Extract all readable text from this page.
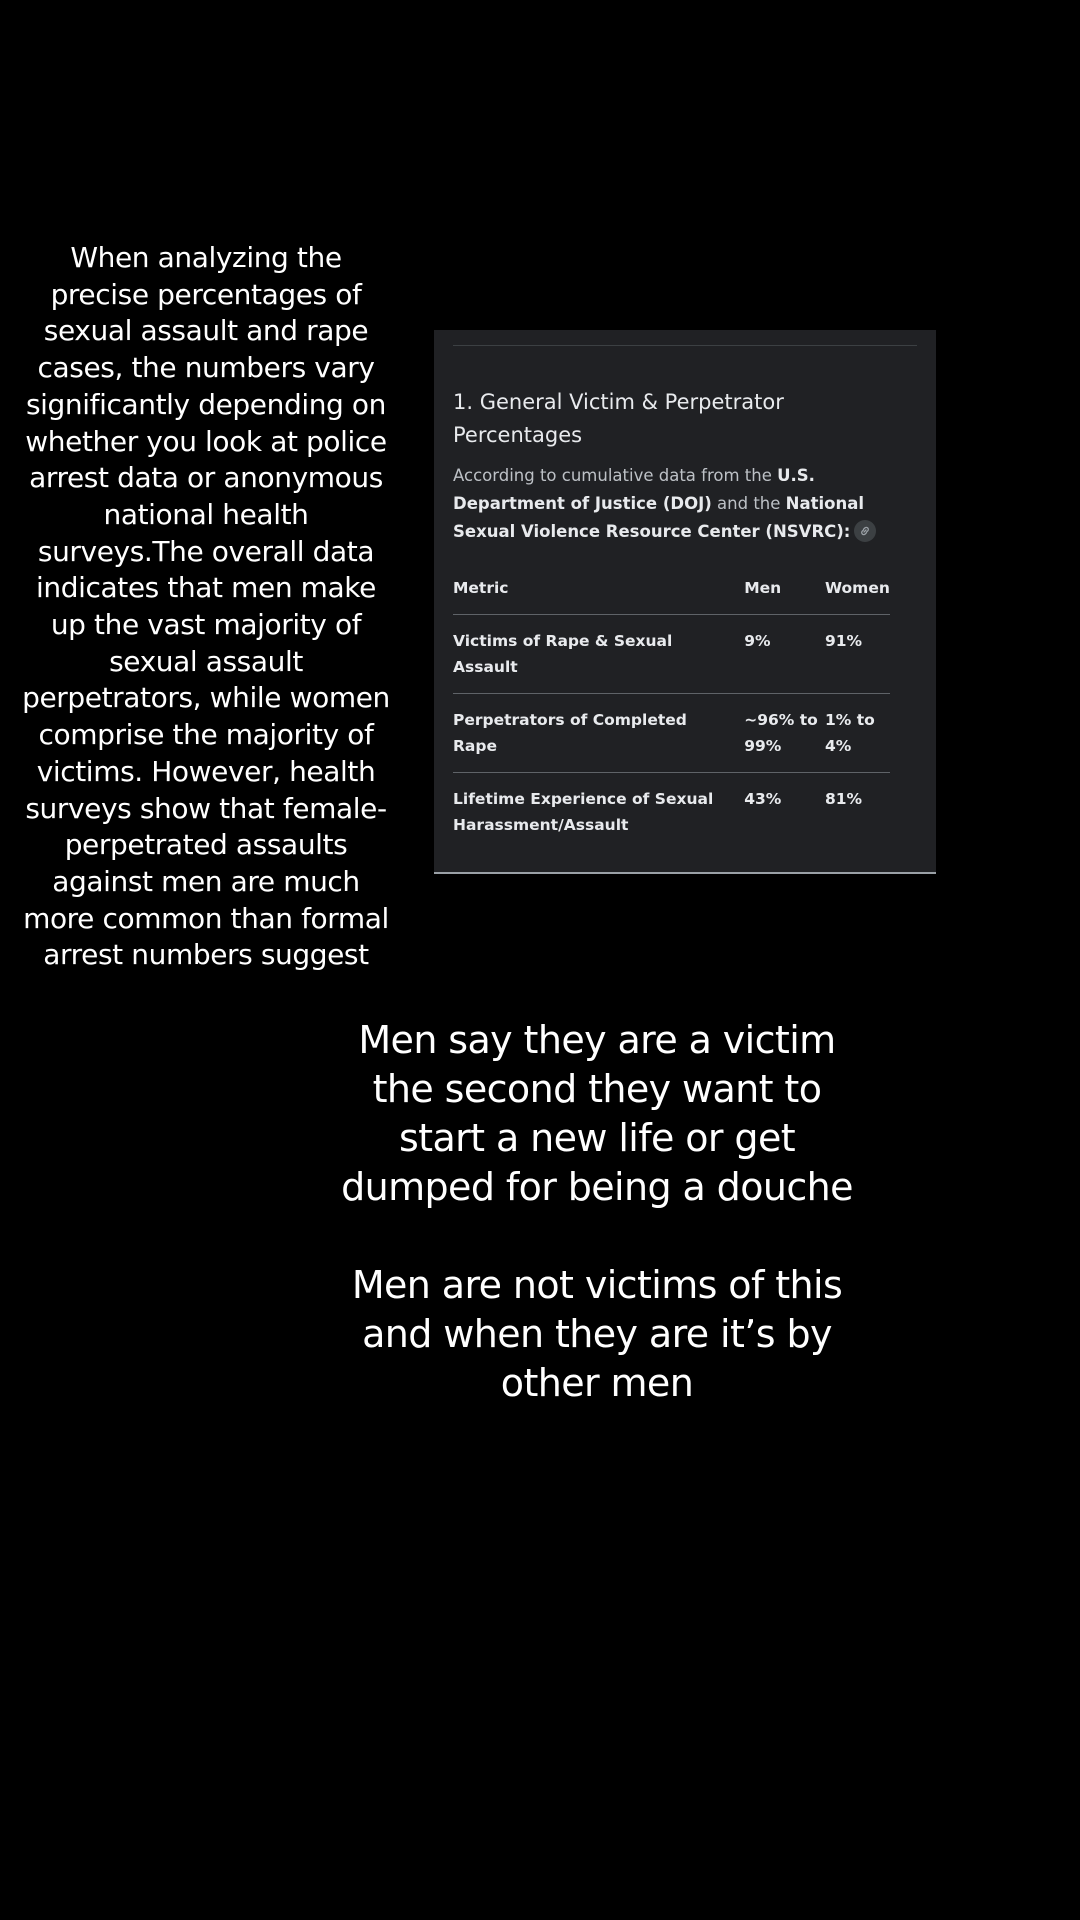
When analyzing the precise percentages of sexual assault and rape cases, the numbers vary significantly depending on whether you look at police arrest data or anonymous national health surveys.The overall data indicates that men make up the vast majority of sexual assault perpetrators, while women comprise the majority of victims. However, health surveys show that female-perpetrated assaults against men are much more common than formal arrest numbers suggest
1. General Victim & Perpetrator Percentages
According to cumulative data from the U.S. Department of Justice (DOJ) and the National Sexual Violence Resource Center (NSVRC):
Metric	Men	Women
Victims of Rape & Sexual Assault	9%	91%
Perpetrators of Completed Rape	~96% to 99%	1% to 4%
Lifetime Experience of Sexual Harassment/Assault	43%	81%

Men say they are a victim the second they want to start a new life or get dumped for being a douche

Men are not victims of this and when they are it’s by other men
